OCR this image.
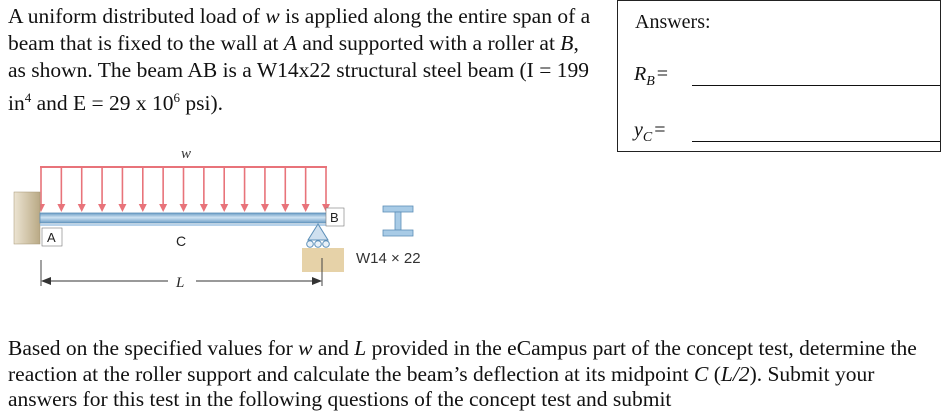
A uniform distributed load of w is applied along the entire span of a beam that is fixed to the wall at A and supported with a roller at B, as shown. The beam AB is a W14x22 structural steel beam (I = 199 $in^4$ and E = 29 x $10^6$ psi).

Answers:
$R_B$ =
$y_C$ =
w
A
B
C
W14 × 22
L

Based on the specified values for w and L provided in the eCampus part of the concept test, determine the reaction at the roller support and calculate the beam’s deflection at its midpoint C (L/2). Submit your answers for this test in the following questions of the concept test and submit
